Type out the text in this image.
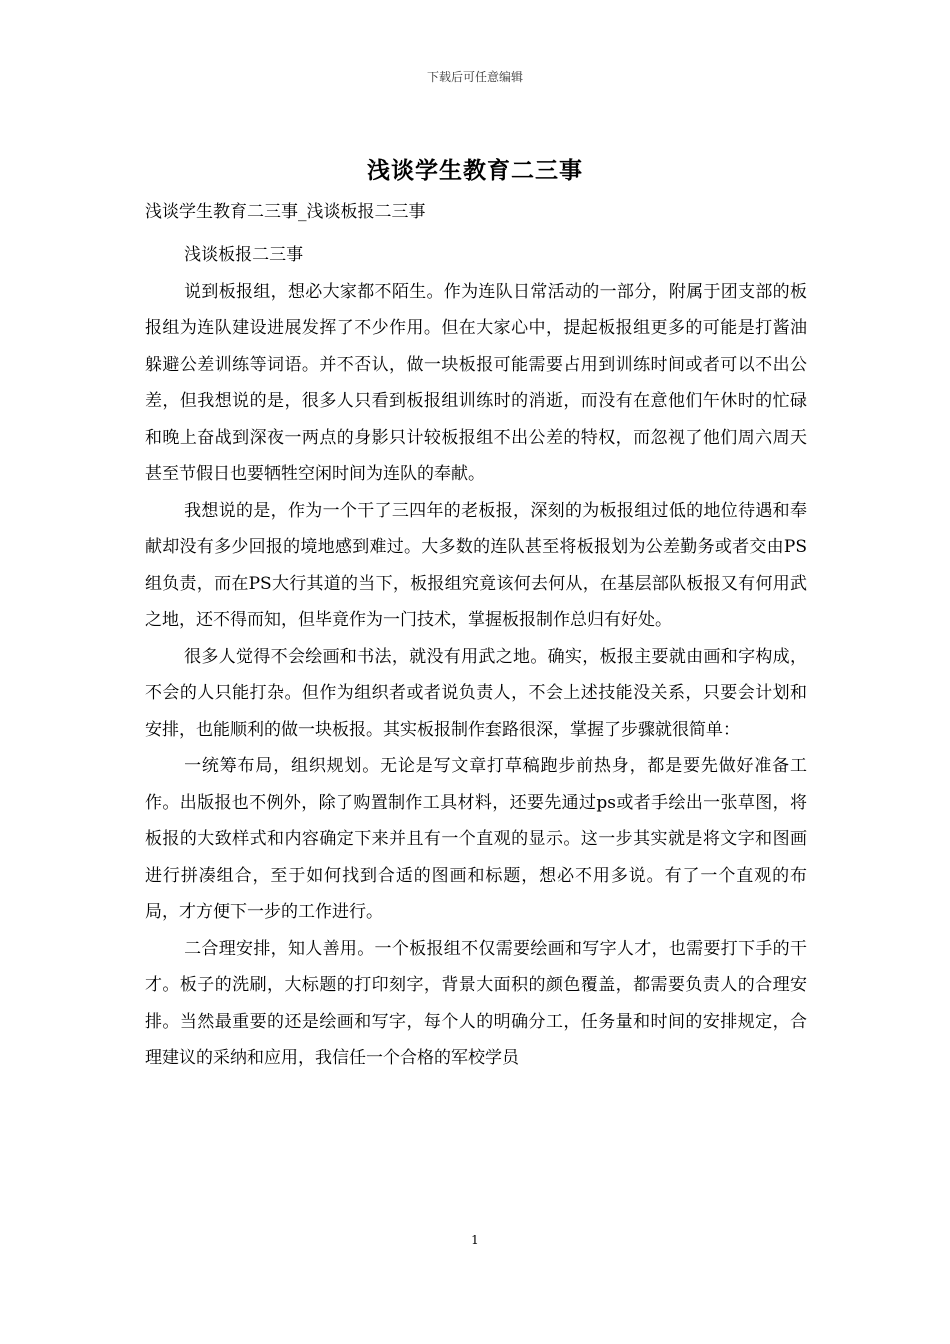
下载后可任意编辑
浅谈学生教育二三事
浅谈学生教育二三事_浅谈板报二三事

浅谈板报二三事

说到板报组，想必大家都不陌生。作为连队日常活动的一部分，附属于团支部的板报组为连队建设进展发挥了不少作用。但在大家心中，提起板报组更多的可能是打酱油躲避公差训练等词语。并不否认，做一块板报可能需要占用到训练时间或者可以不出公差，但我想说的是，很多人只看到板报组训练时的消逝，而没有在意他们午休时的忙碌和晚上奋战到深夜一两点的身影只计较板报组不出公差的特权，而忽视了他们周六周天甚至节假日也要牺牲空闲时间为连队的奉献。

我想说的是，作为一个干了三四年的老板报，深刻的为板报组过低的地位待遇和奉献却没有多少回报的境地感到难过。大多数的连队甚至将板报划为公差勤务或者交由PS组负责，而在PS大行其道的当下，板报组究竟该何去何从，在基层部队板报又有何用武之地，还不得而知，但毕竟作为一门技术，掌握板报制作总归有好处。

很多人觉得不会绘画和书法，就没有用武之地。确实，板报主要就由画和字构成，不会的人只能打杂。但作为组织者或者说负责人，不会上述技能没关系，只要会计划和安排，也能顺利的做一块板报。其实板报制作套路很深，掌握了步骤就很简单：

一统筹布局，组织规划。无论是写文章打草稿跑步前热身，都是要先做好准备工作。出版报也不例外，除了购置制作工具材料，还要先通过ps或者手绘出一张草图，将板报的大致样式和内容确定下来并且有一个直观的显示。这一步其实就是将文字和图画进行拼凑组合，至于如何找到合适的图画和标题，想必不用多说。有了一个直观的布局，才方便下一步的工作进行。

二合理安排，知人善用。一个板报组不仅需要绘画和写字人才，也需要打下手的干才。板子的洗刷，大标题的打印刻字，背景大面积的颜色覆盖，都需要负责人的合理安排。当然最重要的还是绘画和写字，每个人的明确分工，任务量和时间的安排规定，合理建议的采纳和应用，我信任一个合格的军校学员

1
